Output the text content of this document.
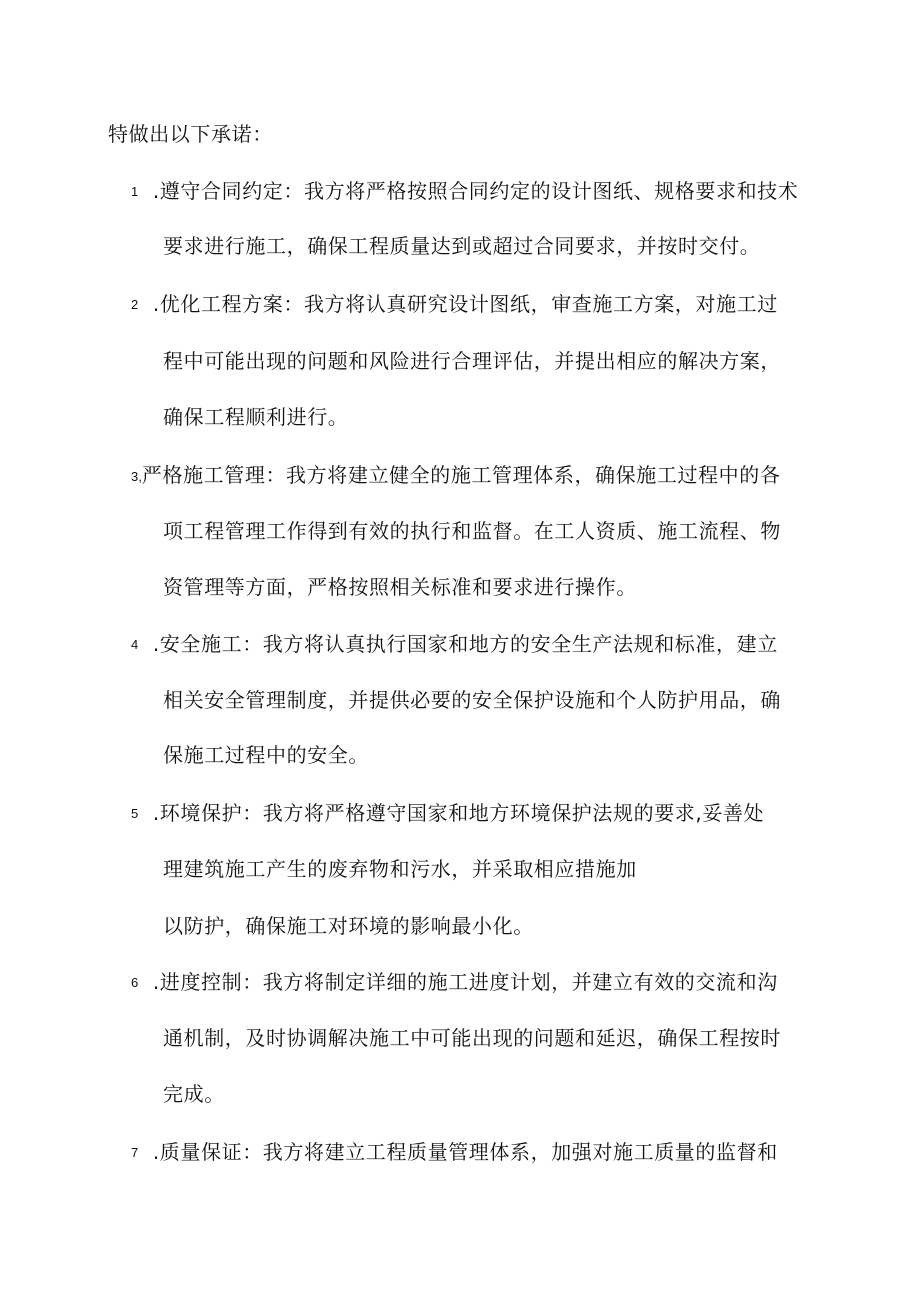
特做出以下承诺：
1 .遵守合同约定：我方将严格按照合同约定的设计图纸、规格要求和技术
要求进行施工，确保工程质量达到或超过合同要求，并按时交付。
2 .优化工程方案：我方将认真研究设计图纸，审查施工方案，对施工过
程中可能出现的问题和风险进行合理评估，并提出相应的解决方案，
确保工程顺利进行。
3,严格施工管理：我方将建立健全的施工管理体系，确保施工过程中的各
项工程管理工作得到有效的执行和监督。在工人资质、施工流程、物
资管理等方面，严格按照相关标准和要求进行操作。
4 .安全施工：我方将认真执行国家和地方的安全生产法规和标准，建立
相关安全管理制度，并提供必要的安全保护设施和个人防护用品，确
保施工过程中的安全。
5 .环境保护：我方将严格遵守国家和地方环境保护法规的要求,妥善处
理建筑施工产生的废弃物和污水，并采取相应措施加
以防护，确保施工对环境的影响最小化。
6 .进度控制：我方将制定详细的施工进度计划，并建立有效的交流和沟
通机制，及时协调解决施工中可能出现的问题和延迟，确保工程按时
完成。
7 .质量保证：我方将建立工程质量管理体系，加强对施工质量的监督和
